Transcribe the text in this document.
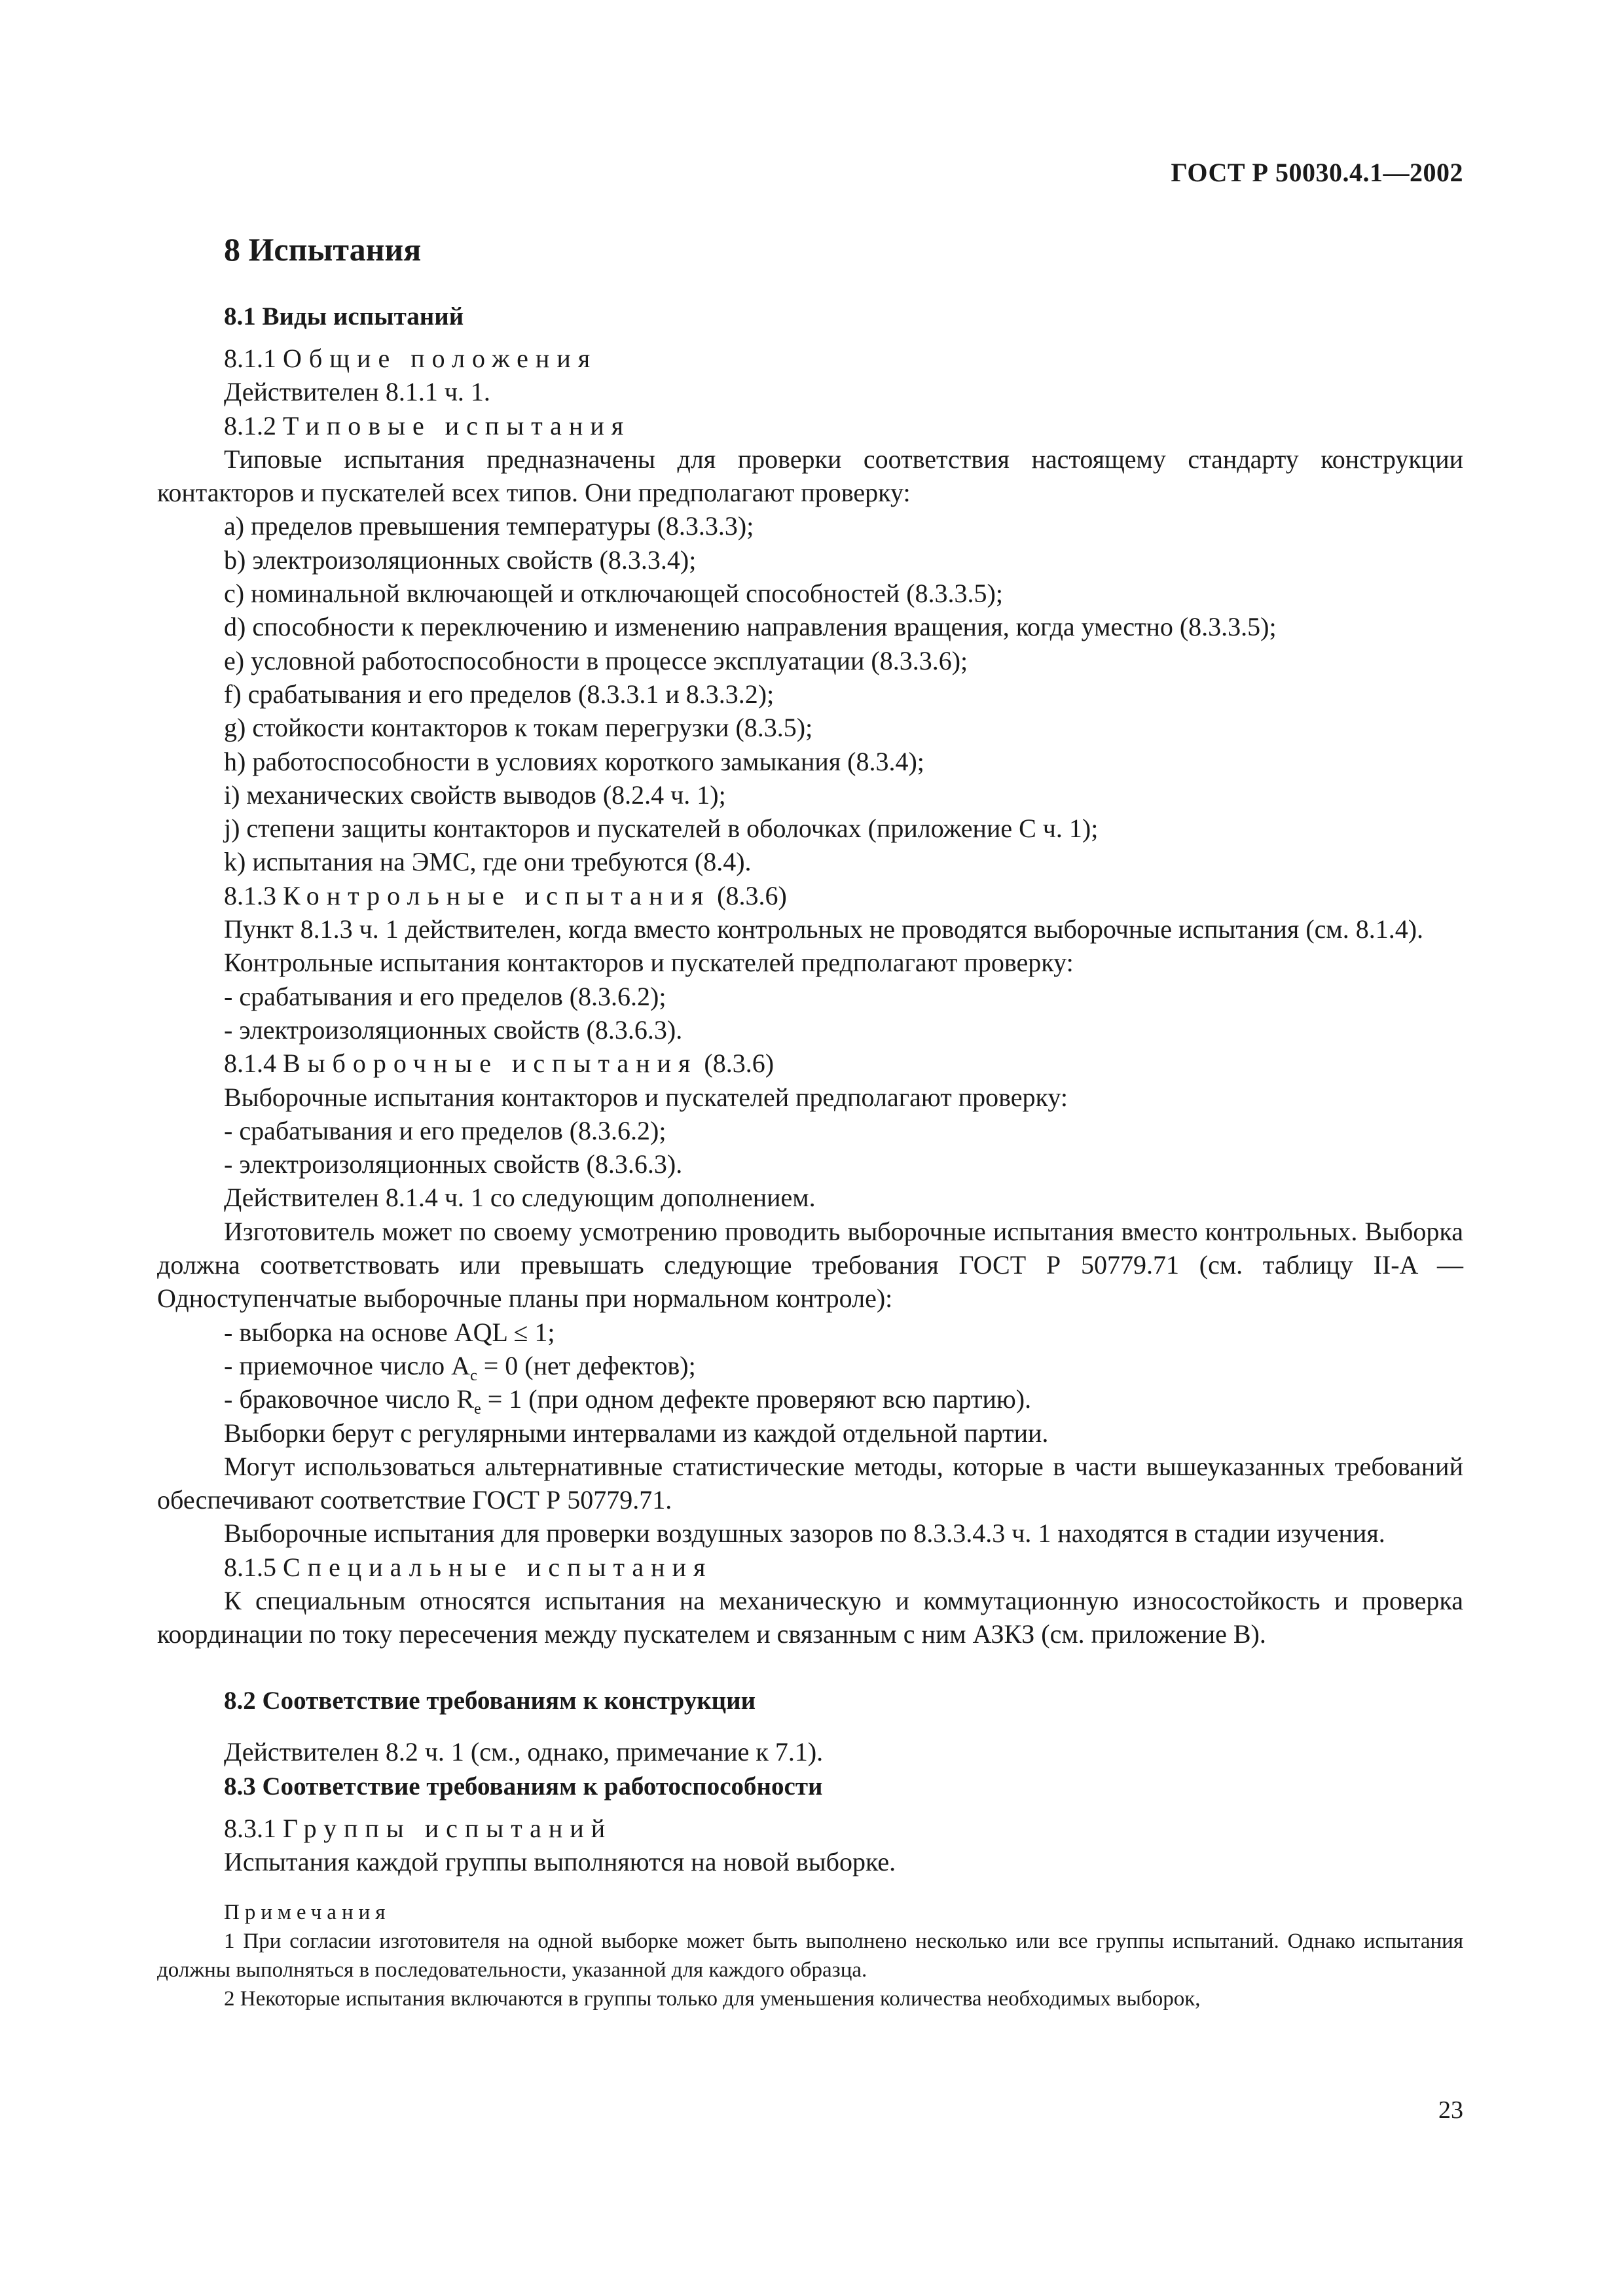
ГОСТ Р 50030.4.1—2002
8 Испытания
8.1 Виды испытаний
8.1.1 Общие положения
Действителен 8.1.1 ч. 1.
8.1.2 Типовые испытания
Типовые испытания предназначены для проверки соответствия настоящему стандарту конструкции контакторов и пускателей всех типов. Они предполагают проверку:
а) пределов превышения температуры (8.3.3.3);
b) электроизоляционных свойств (8.3.3.4);
с) номинальной включающей и отключающей способностей (8.3.3.5);
d) способности к переключению и изменению направления вращения, когда уместно (8.3.3.5);
е) условной работоспособности в процессе эксплуатации (8.3.3.6);
f) срабатывания и его пределов (8.3.3.1 и 8.3.3.2);
g) стойкости контакторов к токам перегрузки (8.3.5);
h) работоспособности в условиях короткого замыкания (8.3.4);
i) механических свойств выводов (8.2.4 ч. 1);
j) степени защиты контакторов и пускателей в оболочках (приложение С ч. 1);
k) испытания на ЭМС, где они требуются (8.4).
8.1.3 Контрольные испытания (8.3.6)
Пункт 8.1.3 ч. 1 действителен, когда вместо контрольных не проводятся выборочные испытания (см. 8.1.4).
Контрольные испытания контакторов и пускателей предполагают проверку:
- срабатывания и его пределов (8.3.6.2);
- электроизоляционных свойств (8.3.6.3).
8.1.4 Выборочные испытания (8.3.6)
Выборочные испытания контакторов и пускателей предполагают проверку:
- срабатывания и его пределов (8.3.6.2);
- электроизоляционных свойств (8.3.6.3).
Действителен 8.1.4 ч. 1 со следующим дополнением.
Изготовитель может по своему усмотрению проводить выборочные испытания вместо контрольных. Выборка должна соответствовать или превышать следующие требования ГОСТ Р 50779.71 (см. таблицу II-A — Одноступенчатые выборочные планы при нормальном контроле):
- выборка на основе AQL ≤ 1;
- приемочное число $A_c = 0$ (нет дефектов);
- браковочное число $R_e = 1$ (при одном дефекте проверяют всю партию).
Выборки берут с регулярными интервалами из каждой отдельной партии.
Могут использоваться альтернативные статистические методы, которые в части вышеуказанных требований обеспечивают соответствие ГОСТ Р 50779.71.
Выборочные испытания для проверки воздушных зазоров по 8.3.3.4.3 ч. 1 находятся в стадии изучения.
8.1.5 Специальные испытания
К специальным относятся испытания на механическую и коммутационную износостойкость и проверка координации по току пересечения между пускателем и связанным с ним АЗКЗ (см. приложение В).
8.2 Соответствие требованиям к конструкции
Действителен 8.2 ч. 1 (см., однако, примечание к 7.1).
8.3 Соответствие требованиям к работоспособности
8.3.1 Группы испытаний
Испытания каждой группы выполняются на новой выборке.
Примечания
1 При согласии изготовителя на одной выборке может быть выполнено несколько или все группы испытаний. Однако испытания должны выполняться в последовательности, указанной для каждого образца.
2 Некоторые испытания включаются в группы только для уменьшения количества необходимых выборок,
23
